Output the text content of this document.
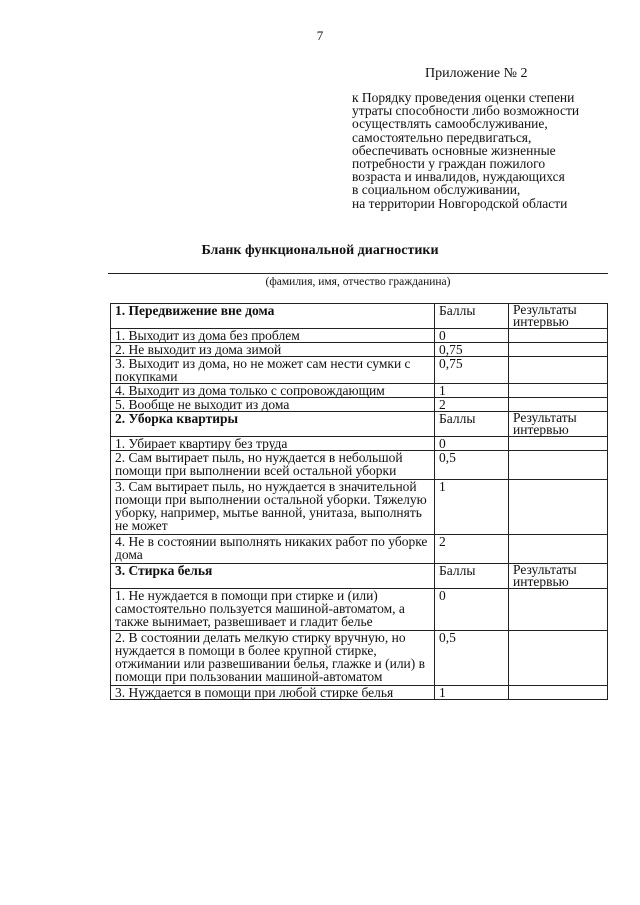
7
Приложение № 2
к Порядку проведения оценки степени
утраты способности либо возможности
осуществлять самообслуживание,
самостоятельно передвигаться,
обеспечивать основные жизненные
потребности у граждан пожилого
возраста и инвалидов, нуждающихся
в социальном обслуживании,
на территории Новгородской области
Бланк функциональной диагностики
(фамилия, имя, отчество гражданина)
1. Передвижение вне дома	Баллы	Результаты интервью
1. Выходит из дома без проблем	0	
2. Не выходит из дома зимой	0,75	
3. Выходит из дома, но не может сам нести сумки с покупками	0,75	
4. Выходит из дома только с сопровождающим	1	
5. Вообще не выходит из дома	2	
2. Уборка квартиры	Баллы	Результаты интервью
1. Убирает квартиру без труда	0	
2. Сам вытирает пыль, но нуждается в небольшой помощи при выполнении всей остальной уборки	0,5	
3. Сам вытирает пыль, но нуждается в значительной помощи при выполнении остальной уборки. Тяжелую уборку, например, мытье ванной, унитаза, выполнять не может	1	
4. Не в состоянии выполнять никаких работ по уборке дома	2	
3. Стирка белья	Баллы	Результаты интервью
1. Не нуждается в помощи при стирке и (или) самостоятельно пользуется машиной-автоматом, а также вынимает, развешивает и гладит белье	0	
2. В состоянии делать мелкую стирку вручную, но нуждается в помощи в более крупной стирке, отжимании или развешивании белья, глажке и (или) в помощи при пользовании машиной-автоматом	0,5	
3. Нуждается в помощи при любой стирке белья	1	
